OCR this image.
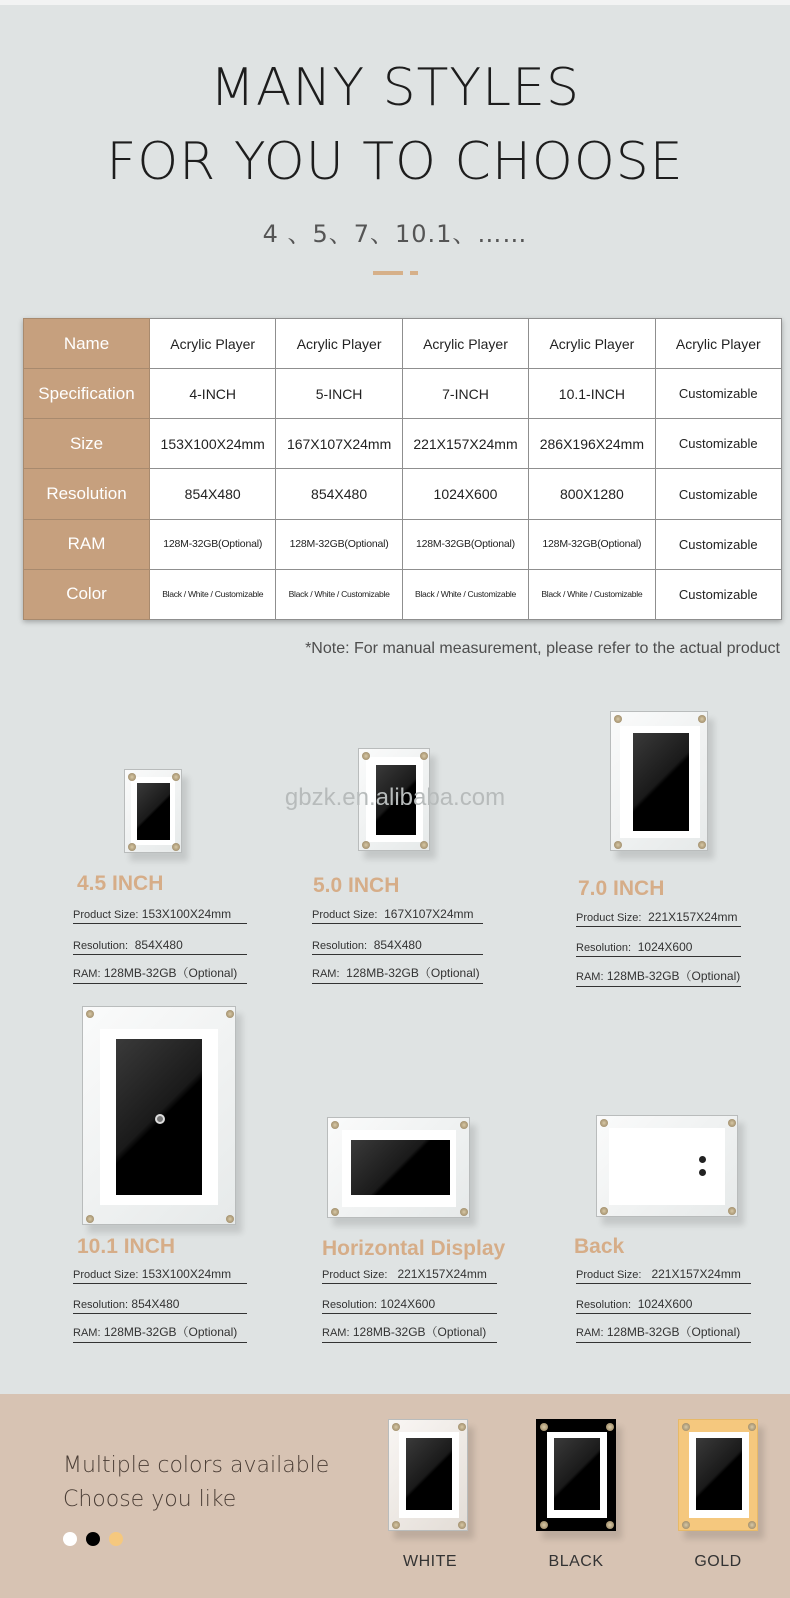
MANY STYLES
FOR YOU TO CHOOSE
4 、5、7、10.1、……
Name	Acrylic Player	Acrylic Player	Acrylic Player	Acrylic Player	Acrylic Player
Specification	4-INCH	5-INCH	7-INCH	10.1-INCH	Customizable
Size	153X100X24mm	167X107X24mm	221X157X24mm	286X196X24mm	Customizable
Resolution	854X480	854X480	1024X600	800X1280	Customizable
RAM	128M-32GB(Optional)	128M-32GB(Optional)	128M-32GB(Optional)	128M-32GB(Optional)	Customizable
Color	Black / White / Customizable	Black / White / Customizable	Black / White / Customizable	Black / White / Customizable	Customizable
*Note: For manual measurement, please refer to the actual product
gbzk.en.alibaba.com
4.5 INCH
Product Size: 153X100X24mm
Resolution: 854X480
RAM: 128MB-32GB（Optional)
5.0 INCH
Product Size: 167X107X24mm
Resolution: 854X480
RAM: 128MB-32GB（Optional)
7.0 INCH
Product Size: 221X157X24mm
Resolution: 1024X600
RAM: 128MB-32GB（Optional)
10.1 INCH
Product Size: 153X100X24mm
Resolution: 854X480
RAM: 128MB-32GB（Optional)
Horizontal Display
Product Size: 221X157X24mm
Resolution: 1024X600
RAM: 128MB-32GB（Optional)
Back
Product Size: 221X157X24mm
Resolution: 1024X600
RAM: 128MB-32GB（Optional)
Multiple colors available
Choose you like
WHITE	BLACK	GOLD
